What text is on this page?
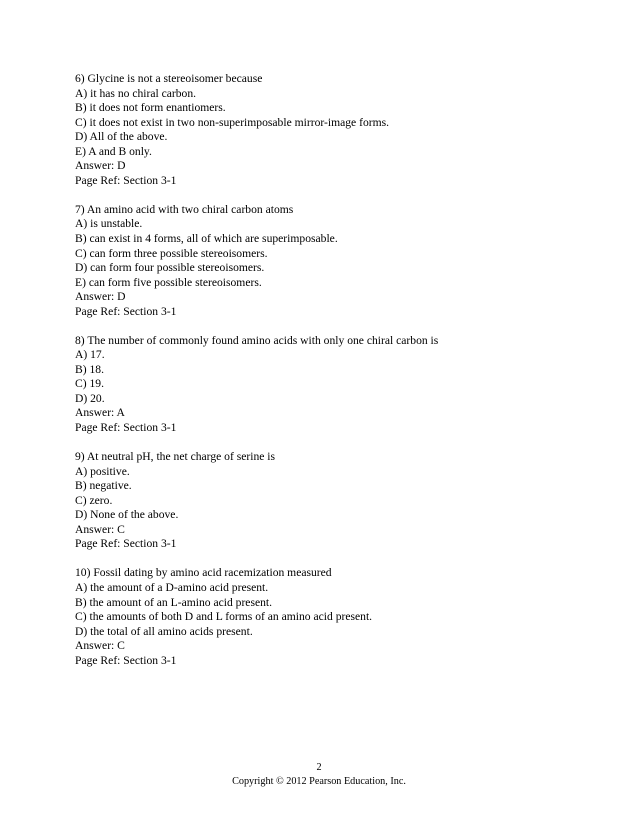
6) Glycine is not a stereoisomer because
A) it has no chiral carbon.
B) it does not form enantiomers.
C) it does not exist in two non-superimposable mirror-image forms.
D) All of the above.
E) A and B only.
Answer: D
Page Ref: Section 3-1
7) An amino acid with two chiral carbon atoms
A) is unstable.
B) can exist in 4 forms, all of which are superimposable.
C) can form three possible stereoisomers.
D) can form four possible stereoisomers.
E) can form five possible stereoisomers.
Answer: D
Page Ref: Section 3-1
8) The number of commonly found amino acids with only one chiral carbon is
A) 17.
B) 18.
C) 19.
D) 20.
Answer: A
Page Ref: Section 3-1
9) At neutral pH, the net charge of serine is
A) positive.
B) negative.
C) zero.
D) None of the above.
Answer: C
Page Ref: Section 3-1
10) Fossil dating by amino acid racemization measured
A) the amount of a D-amino acid present.
B) the amount of an L-amino acid present.
C) the amounts of both D and L forms of an amino acid present.
D) the total of all amino acids present.
Answer: C
Page Ref: Section 3-1
2
Copyright © 2012 Pearson Education, Inc.
